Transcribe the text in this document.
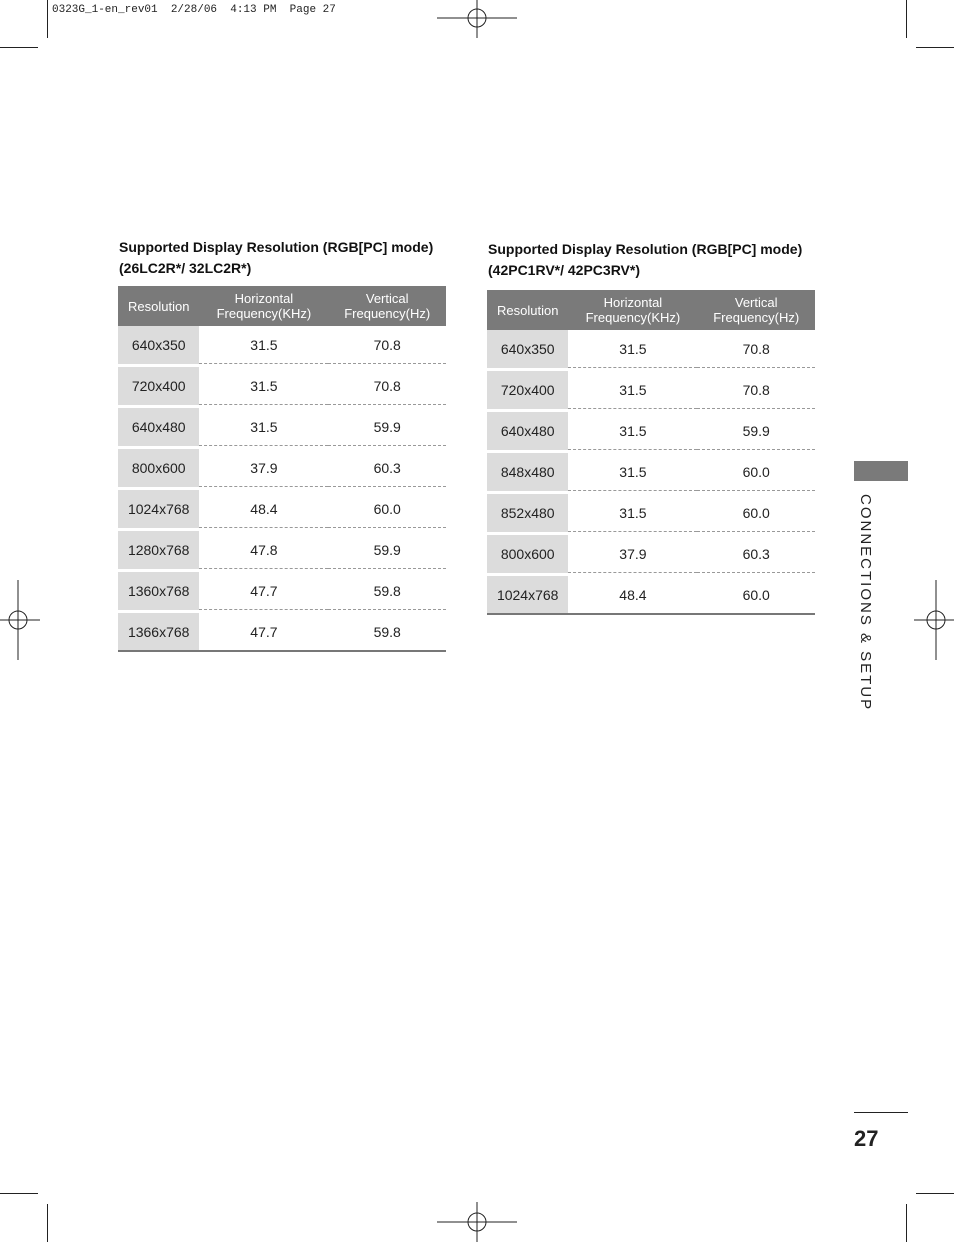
0323G_1-en_rev01  2/28/06  4:13 PM  Page 27
Supported Display Resolution (RGB[PC] mode)
(26LC2R*/ 32LC2R*)
Resolution	Horizontal Frequency(KHz)	Vertical Frequency(Hz)
640x350	31.5	70.8

720x400	31.5	70.8

640x480	31.5	59.9

800x600	37.9	60.3

1024x768	48.4	60.0

1280x768	47.8	59.9

1360x768	47.7	59.8

1366x768	47.7	59.8
Supported Display Resolution (RGB[PC] mode)
(42PC1RV*/ 42PC3RV*)
Resolution	Horizontal Frequency(KHz)	Vertical Frequency(Hz)
640x350	31.5	70.8

720x400	31.5	70.8

640x480	31.5	59.9

848x480	31.5	60.0

852x480	31.5	60.0

800x600	37.9	60.3

1024x768	48.4	60.0	CONNECTIONS & SETUP
27
